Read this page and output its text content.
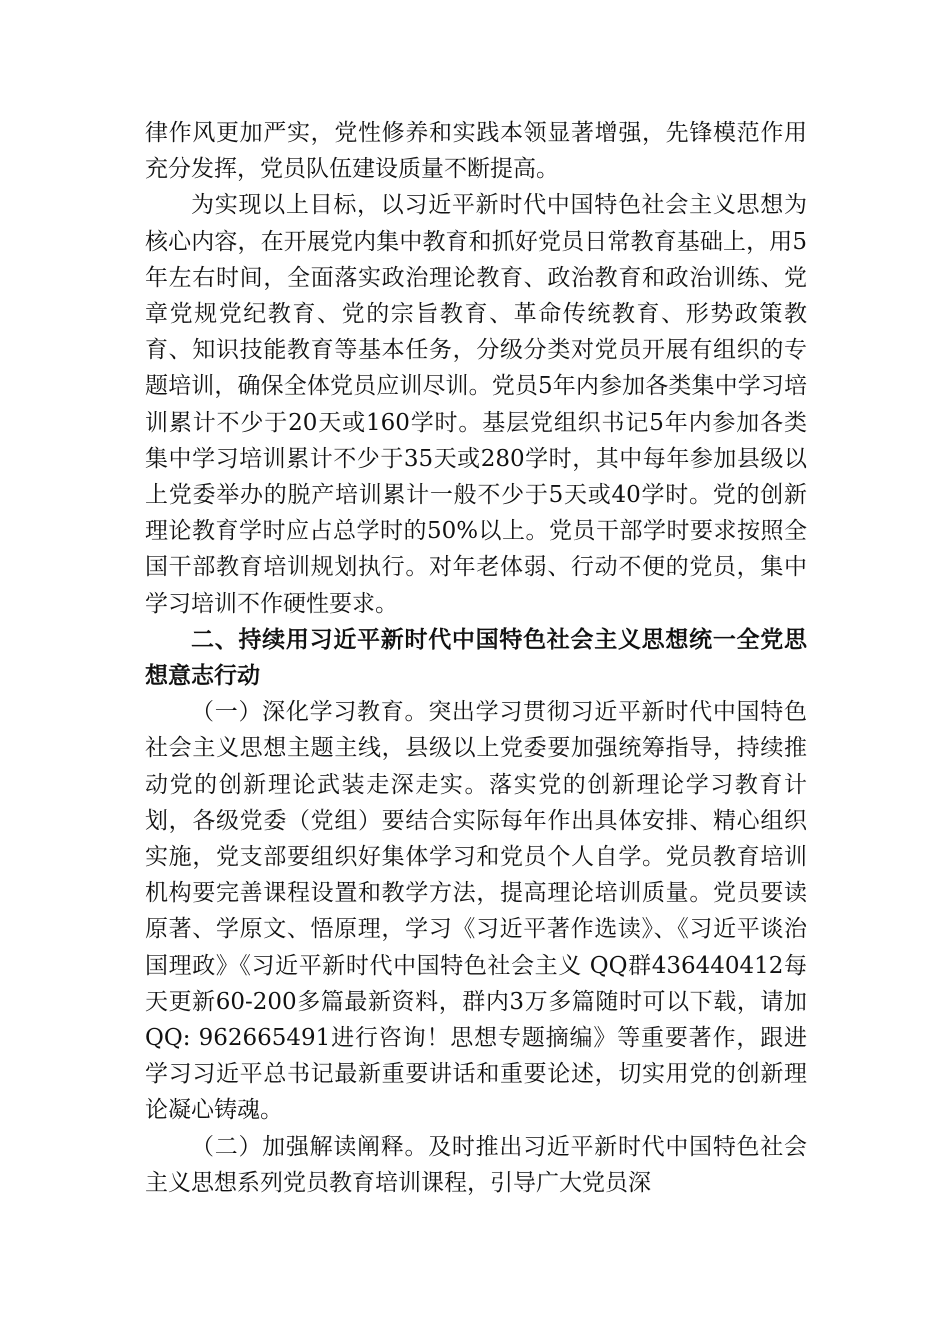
律作风更加严实，党性修养和实践本领显著增强，先锋模范作用充分发挥，党员队伍建设质量不断提高。

为实现以上目标，以习近平新时代中国特色社会主义思想为核心内容，在开展党内集中教育和抓好党员日常教育基础上，用5年左右时间，全面落实政治理论教育、政治教育和政治训练、党章党规党纪教育、党的宗旨教育、革命传统教育、形势政策教育、知识技能教育等基本任务，分级分类对党员开展有组织的专题培训，确保全体党员应训尽训。党员5年内参加各类集中学习培训累计不少于20天或160学时。基层党组织书记5年内参加各类集中学习培训累计不少于35天或280学时，其中每年参加县级以上党委举办的脱产培训累计一般不少于5天或40学时。党的创新理论教育学时应占总学时的50%以上。党员干部学时要求按照全国干部教育培训规划执行。对年老体弱、行动不便的党员，集中学习培训不作硬性要求。

二、持续用习近平新时代中国特色社会主义思想统一全党思想意志行动

（一）深化学习教育。突出学习贯彻习近平新时代中国特色社会主义思想主题主线，县级以上党委要加强统筹指导，持续推动党的创新理论武装走深走实。落实党的创新理论学习教育计划，各级党委（党组）要结合实际每年作出具体安排、精心组织实施，党支部要组织好集体学习和党员个人自学。党员教育培训机构要完善课程设置和教学方法，提高理论培训质量。党员要读原著、学原文、悟原理，学习《习近平著作选读》、《习近平谈治国理政》《习近平新时代中国特色社会主义 QQ群436440412每天更新60-200多篇最新资料，群内3万多篇随时可以下载，请加QQ: 962665491进行咨询！思想专题摘编》等重要著作，跟进学习习近平总书记最新重要讲话和重要论述，切实用党的创新理论凝心铸魂。

（二）加强解读阐释。及时推出习近平新时代中国特色社会主义思想系列党员教育培训课程，引导广大党员深
